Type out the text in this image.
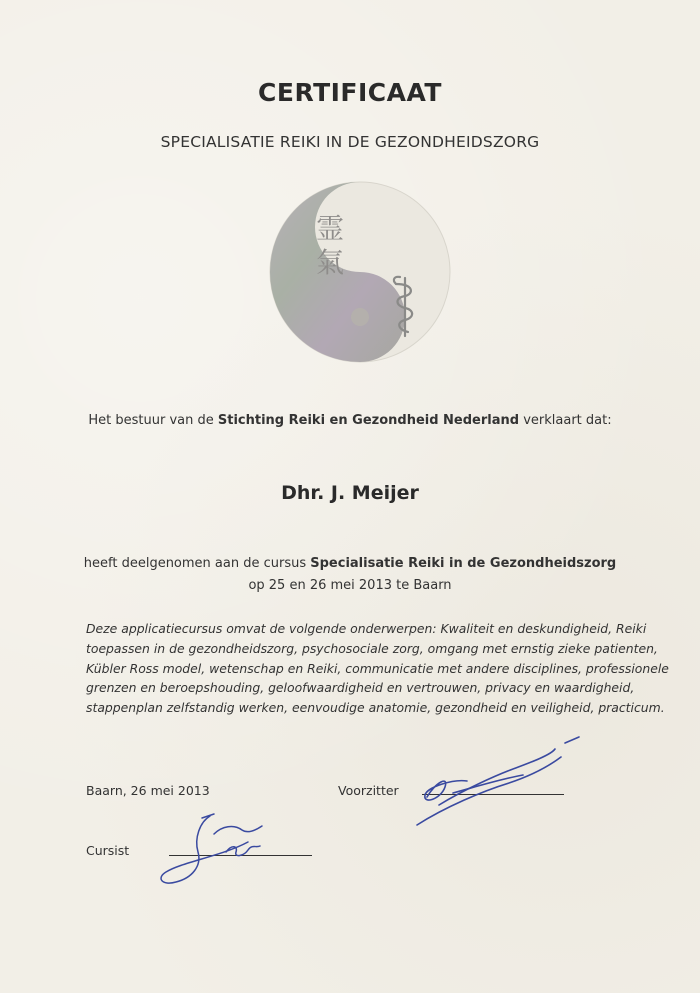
CERTIFICAAT
SPECIALISATIE REIKI IN DE GEZONDHEIDSZORG
霊
氣
Het bestuur van de Stichting Reiki en Gezondheid Nederland verklaart dat:
Dhr. J. Meijer
heeft deelgenomen aan de cursus Specialisatie Reiki in de Gezondheidszorg
op 25 en 26 mei 2013 te Baarn
Deze applicatiecursus omvat de volgende onderwerpen: Kwaliteit en deskundigheid, Reiki
toepassen in de gezondheidszorg, psychosociale zorg, omgang met ernstig zieke patienten,
Kübler Ross model, wetenschap en Reiki, communicatie met andere disciplines, professionele
grenzen en beroepshouding, geloofwaardigheid en vertrouwen, privacy en waardigheid,
stappenplan zelfstandig werken, eenvoudige anatomie, gezondheid en veiligheid, practicum.
Baarn, 26 mei 2013	Voorzitter
Cursist
